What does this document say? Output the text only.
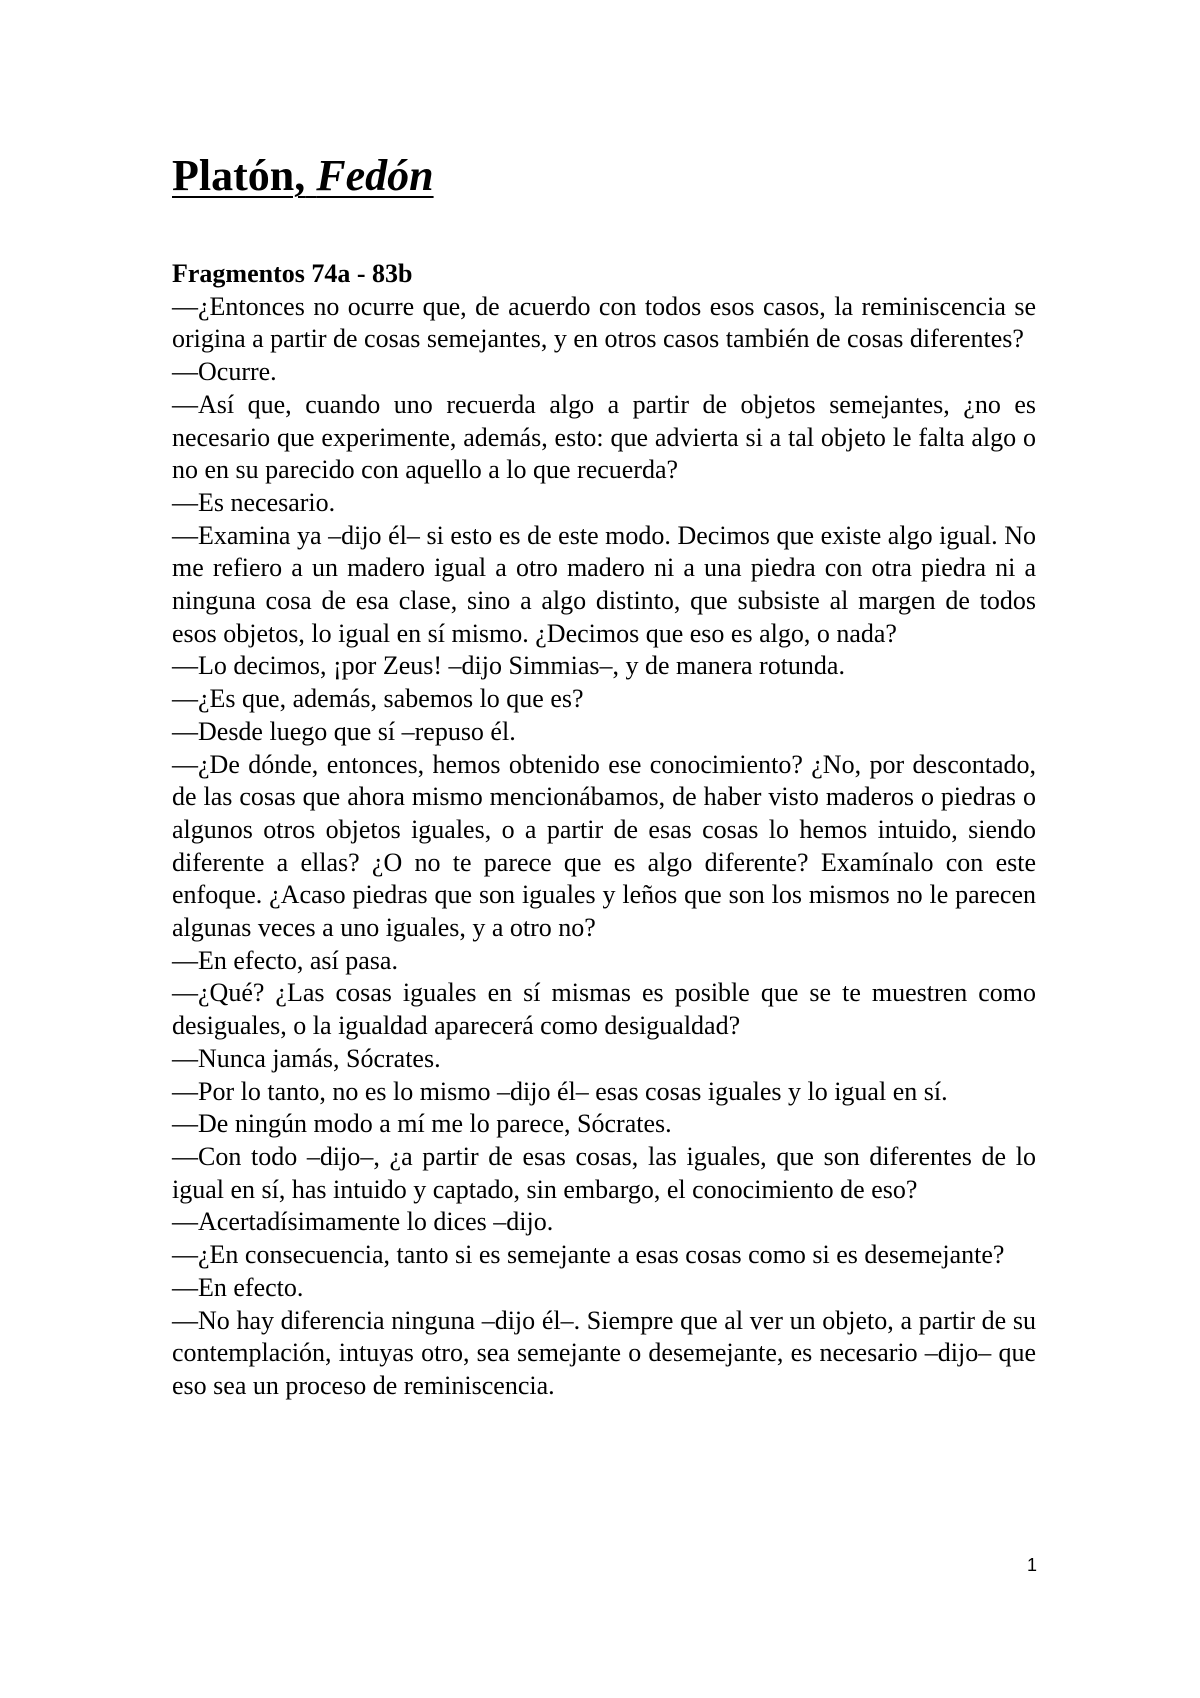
Platón, Fedón
Fragmentos 74a - 83b

—¿Entonces no ocurre que, de acuerdo con todos esos casos, la reminiscencia se origina a partir de cosas semejantes, y en otros casos también de cosas diferentes?

—Ocurre.

—Así que, cuando uno recuerda algo a partir de objetos semejantes, ¿no es necesario que experimente, además, esto: que advierta si a tal objeto le falta algo o no en su parecido con aquello a lo que recuerda?

—Es necesario.

—Examina ya –dijo él– si esto es de este modo. Decimos que existe algo igual. No me refiero a un madero igual a otro madero ni a una piedra con otra piedra ni a ninguna cosa de esa clase, sino a algo distinto, que subsiste al margen de todos esos objetos, lo igual en sí mismo. ¿Decimos que eso es algo, o nada?

—Lo decimos, ¡por Zeus! –dijo Simmias–, y de manera rotunda.

—¿Es que, además, sabemos lo que es?

—Desde luego que sí –repuso él.

—¿De dónde, entonces, hemos obtenido ese conocimiento? ¿No, por descontado, de las cosas que ahora mismo mencionábamos, de haber visto maderos o piedras o algunos otros objetos iguales, o a partir de esas cosas lo hemos intuido, siendo diferente a ellas? ¿O no te parece que es algo diferente? Examínalo con este enfoque. ¿Acaso piedras que son iguales y leños que son los mismos no le parecen algunas veces a uno iguales, y a otro no?

—En efecto, así pasa.

—¿Qué? ¿Las cosas iguales en sí mismas es posible que se te muestren como desiguales, o la igualdad aparecerá como desigualdad?

—Nunca jamás, Sócrates.

—Por lo tanto, no es lo mismo –dijo él– esas cosas iguales y lo igual en sí.

—De ningún modo a mí me lo parece, Sócrates.

—Con todo –dijo–, ¿a partir de esas cosas, las iguales, que son diferentes de lo igual en sí, has intuido y captado, sin embargo, el conocimiento de eso?

—Acertadísimamente lo dices –dijo.

—¿En consecuencia, tanto si es semejante a esas cosas como si es desemejante?

—En efecto.

—No hay diferencia ninguna –dijo él–. Siempre que al ver un objeto, a partir de su contemplación, intuyas otro, sea semejante o desemejante, es necesario –dijo– que eso sea un proceso de reminiscencia.

1
